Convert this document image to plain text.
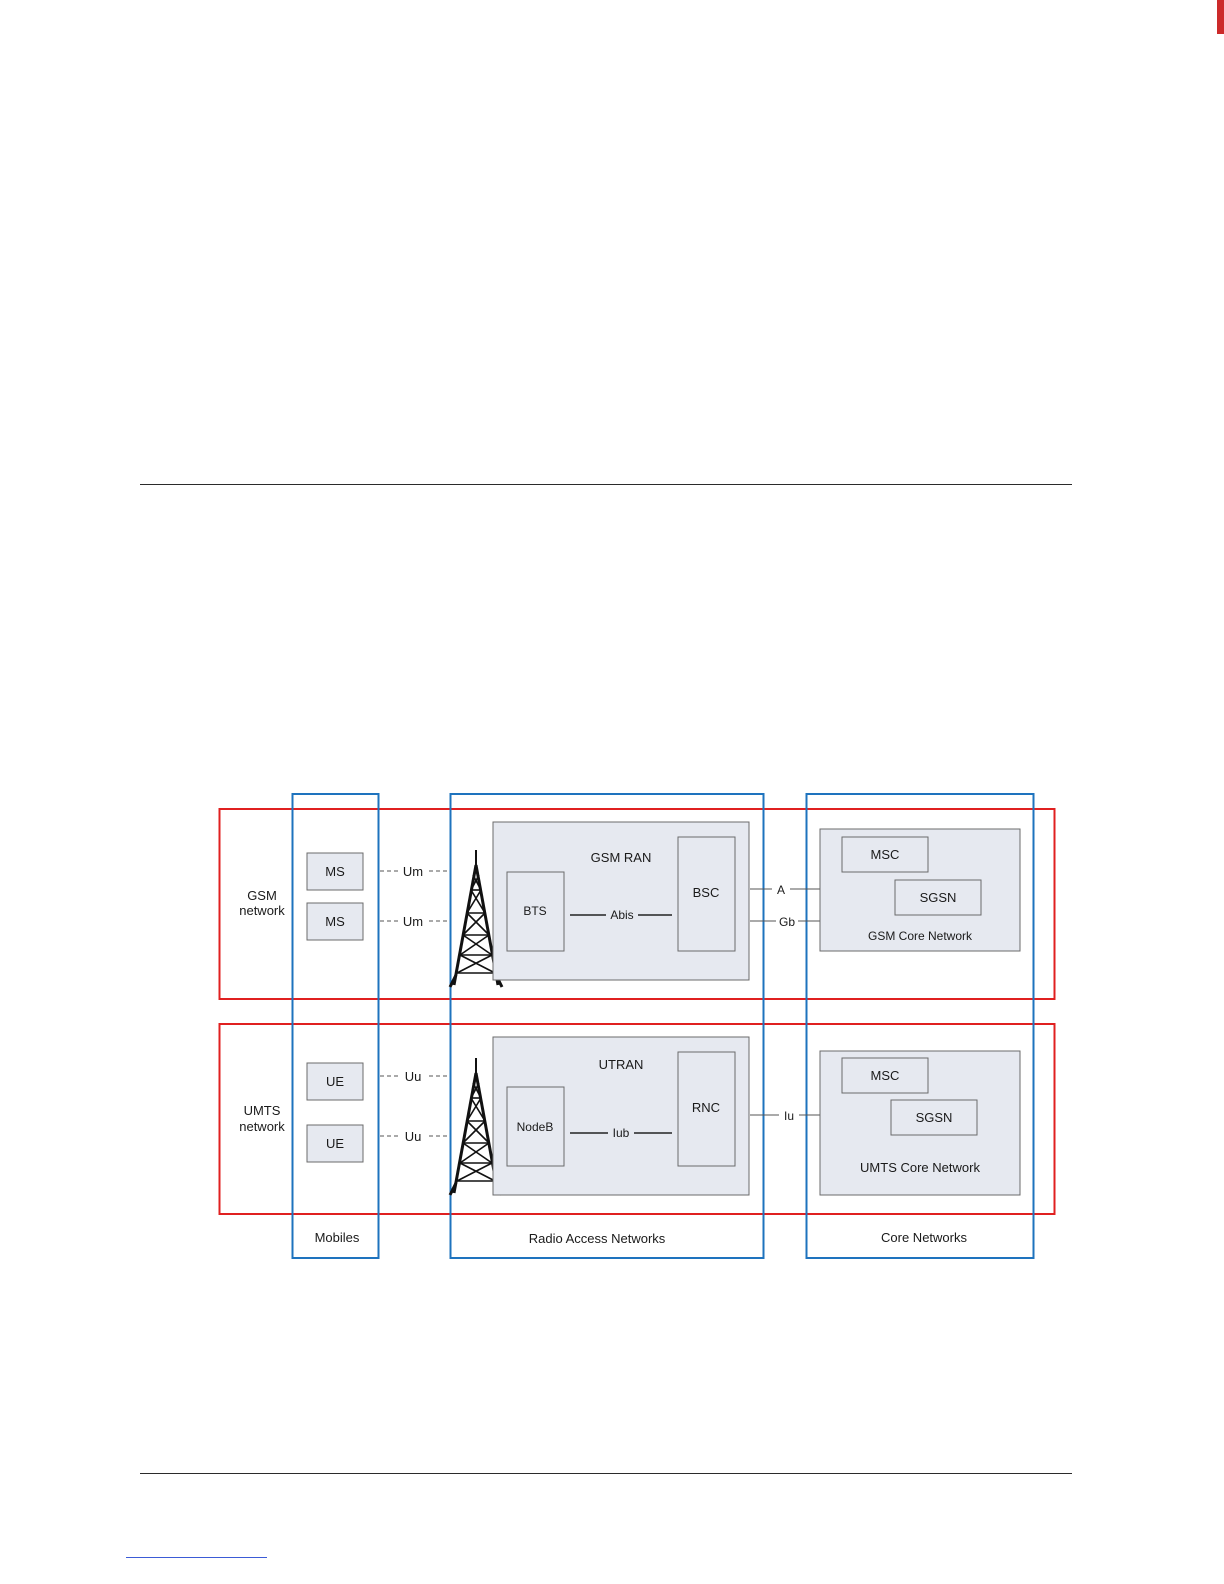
GSM
network
UMTS
network
MS
MS
Um
Um
GSM RAN
BTS	Abis
BSC	A
Gb
MSC
SGSN
GSM Core Network
UE
UE
Uu
Uu
UTRAN
NodeB	Iub
RNC
Iu
MSC
SGSN
UMTS Core Network
Mobiles	Radio Access Networks	Core Networks
